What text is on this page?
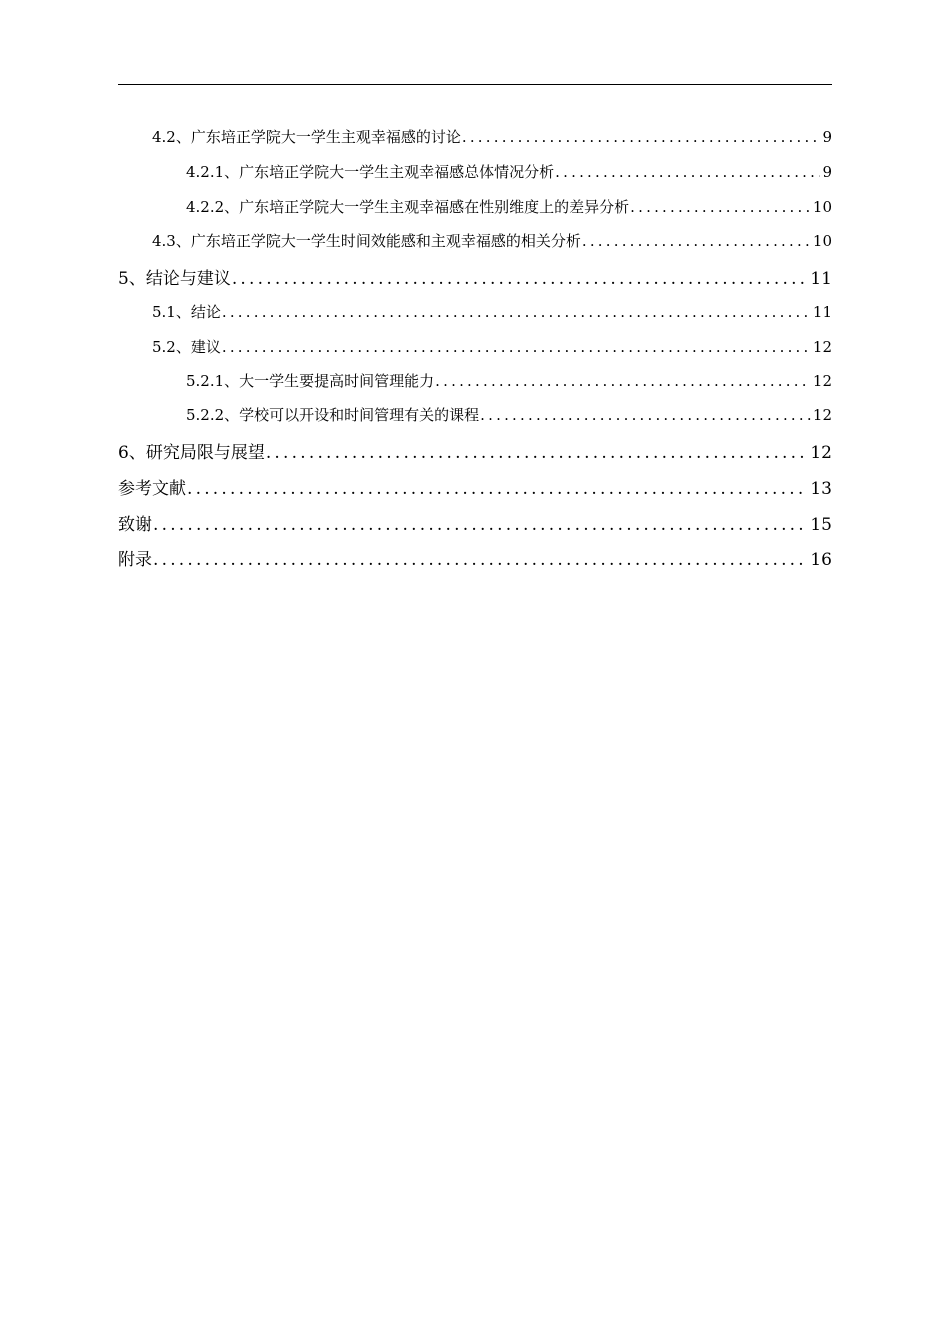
4.2、广东培正学院大一学生主观幸福感的讨论 .....	9
4.2.1、广东培正学院大一学生主观幸福感总体情况分析 .....	9
4.2.2、广东培正学院大一学生主观幸福感在性别维度上的差异分析 .....	10
4.3、广东培正学院大一学生时间效能感和主观幸福感的相关分析 .....	10
5、结论与建议 .....	11
5.1、结论 .....	11
5.2、建议 .....	12
5.2.1、大一学生要提高时间管理能力 .....	12
5.2.2、学校可以开设和时间管理有关的课程 .....	12
6、研究局限与展望 .....	12
参考文献 .....	13
致谢 .....	15
附录 .....	16
